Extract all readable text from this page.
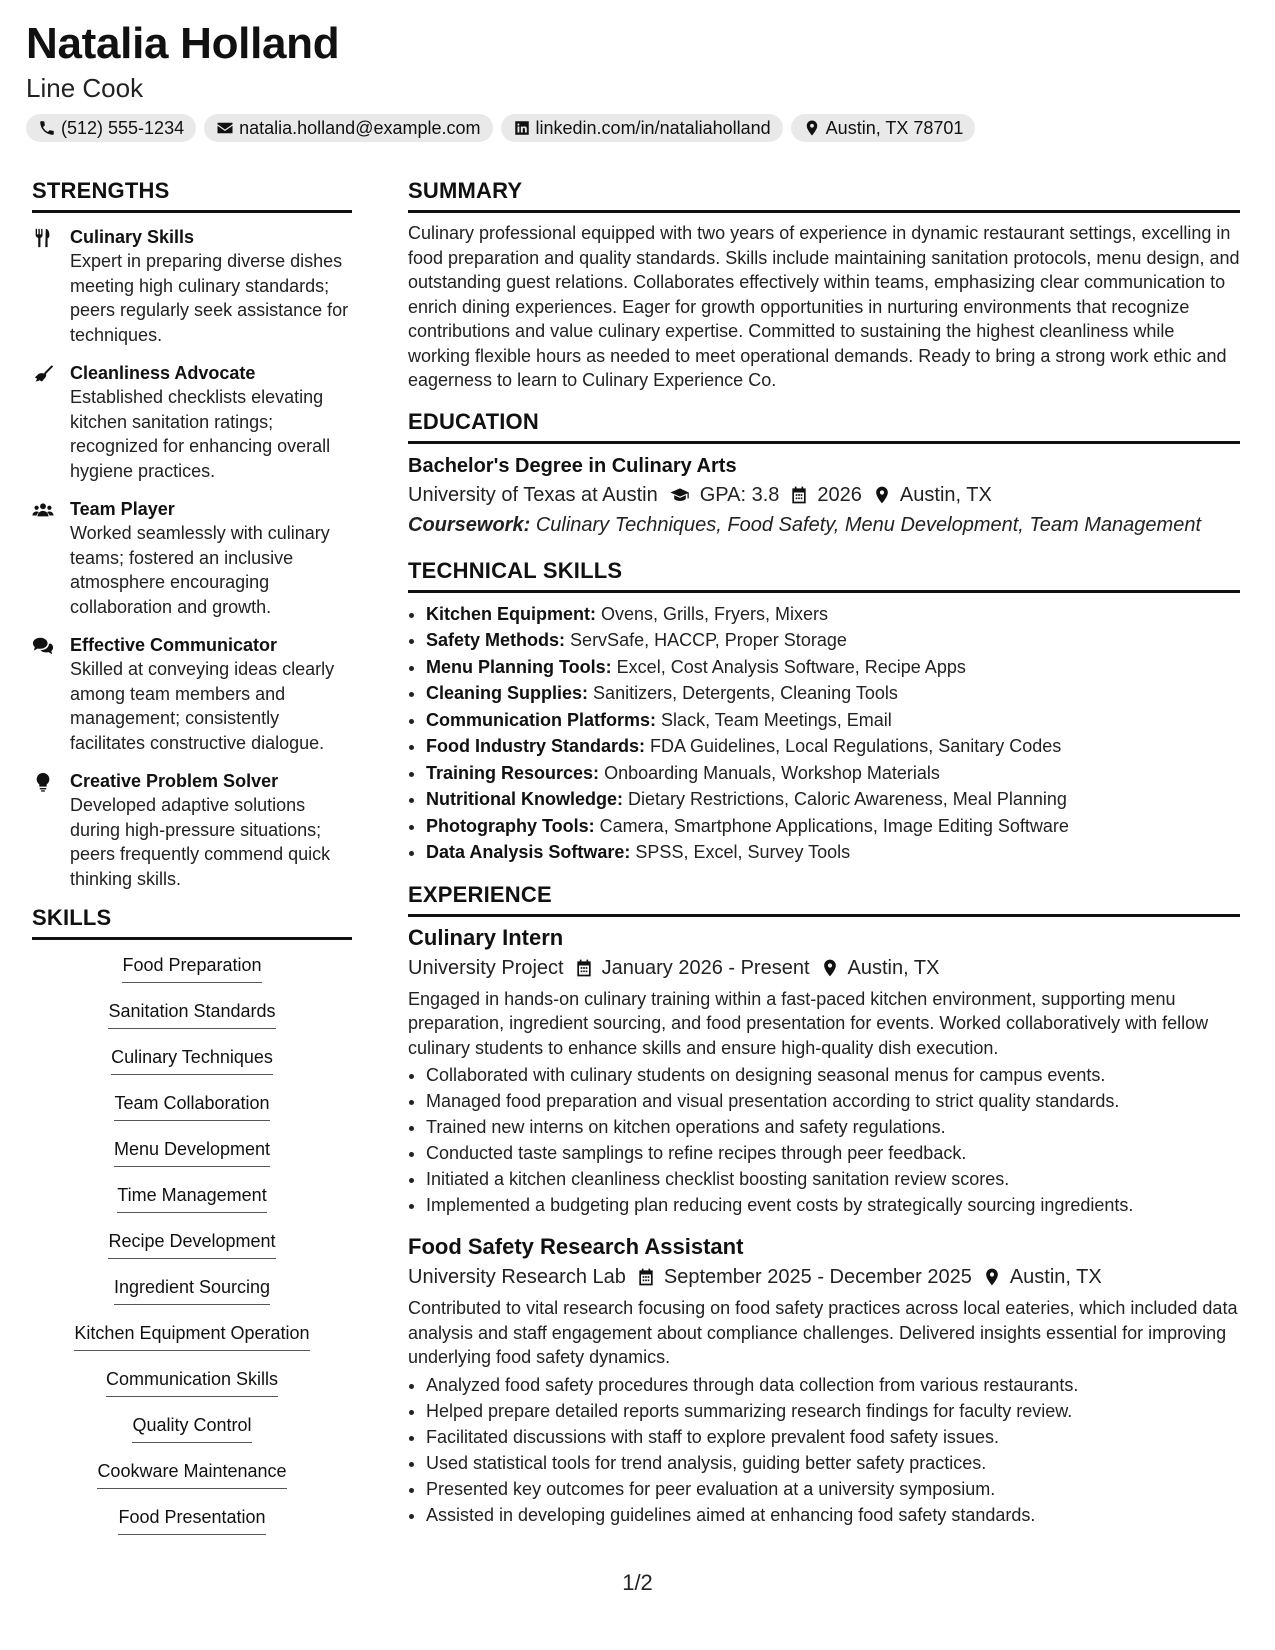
Natalia Holland
Line Cook
(512) 555-1234	natalia.holland@example.com	linkedin.com/in/nataliaholland	Austin, TX 78701
STRENGTHS
Culinary Skills
Expert in preparing diverse dishes meeting high culinary standards; peers regularly seek assistance for techniques.
Cleanliness Advocate
Established checklists elevating kitchen sanitation ratings; recognized for enhancing overall hygiene practices.
Team Player
Worked seamlessly with culinary teams; fostered an inclusive atmosphere encouraging collaboration and growth.
Effective Communicator
Skilled at conveying ideas clearly among team members and management; consistently facilitates constructive dialogue.
Creative Problem Solver
Developed adaptive solutions during high-pressure situations; peers frequently commend quick thinking skills.
SKILLS
Food Preparation
Sanitation Standards
Culinary Techniques
Team Collaboration
Menu Development
Time Management
Recipe Development
Ingredient Sourcing
Kitchen Equipment Operation
Communication Skills
Quality Control
Cookware Maintenance
Food Presentation
SUMMARY

Culinary professional equipped with two years of experience in dynamic restaurant settings, excelling in food preparation and quality standards. Skills include maintaining sanitation protocols, menu design, and outstanding guest relations. Collaborates effectively within teams, emphasizing clear communication to enrich dining experiences. Eager for growth opportunities in nurturing environments that recognize contributions and value culinary expertise. Committed to sustaining the highest cleanliness while working flexible hours as needed to meet operational demands. Ready to bring a strong work ethic and eagerness to learn to Culinary Experience Co.

EDUCATION
Bachelor's Degree in Culinary Arts
University of Texas at Austin GPA: 3.8 2026 Austin, TX
Coursework: Culinary Techniques, Food Safety, Menu Development, Team Management
TECHNICAL SKILLS
• Kitchen Equipment: Ovens, Grills, Fryers, Mixers
• Safety Methods: ServSafe, HACCP, Proper Storage
• Menu Planning Tools: Excel, Cost Analysis Software, Recipe Apps
• Cleaning Supplies: Sanitizers, Detergents, Cleaning Tools
• Communication Platforms: Slack, Team Meetings, Email
• Food Industry Standards: FDA Guidelines, Local Regulations, Sanitary Codes
• Training Resources: Onboarding Manuals, Workshop Materials
• Nutritional Knowledge: Dietary Restrictions, Caloric Awareness, Meal Planning
• Photography Tools: Camera, Smartphone Applications, Image Editing Software
• Data Analysis Software: SPSS, Excel, Survey Tools
EXPERIENCE
Culinary Intern
University Project January 2026 - Present Austin, TX
Engaged in hands-on culinary training within a fast-paced kitchen environment, supporting menu preparation, ingredient sourcing, and food presentation for events. Worked collaboratively with fellow culinary students to enhance skills and ensure high-quality dish execution.
• Collaborated with culinary students on designing seasonal menus for campus events.
• Managed food preparation and visual presentation according to strict quality standards.
• Trained new interns on kitchen operations and safety regulations.
• Conducted taste samplings to refine recipes through peer feedback.
• Initiated a kitchen cleanliness checklist boosting sanitation review scores.
• Implemented a budgeting plan reducing event costs by strategically sourcing ingredients.
Food Safety Research Assistant
University Research Lab September 2025 - December 2025 Austin, TX
Contributed to vital research focusing on food safety practices across local eateries, which included data analysis and staff engagement about compliance challenges. Delivered insights essential for improving underlying food safety dynamics.
• Analyzed food safety procedures through data collection from various restaurants.
• Helped prepare detailed reports summarizing research findings for faculty review.
• Facilitated discussions with staff to explore prevalent food safety issues.
• Used statistical tools for trend analysis, guiding better safety practices.
• Presented key outcomes for peer evaluation at a university symposium.
• Assisted in developing guidelines aimed at enhancing food safety standards.
1/2
